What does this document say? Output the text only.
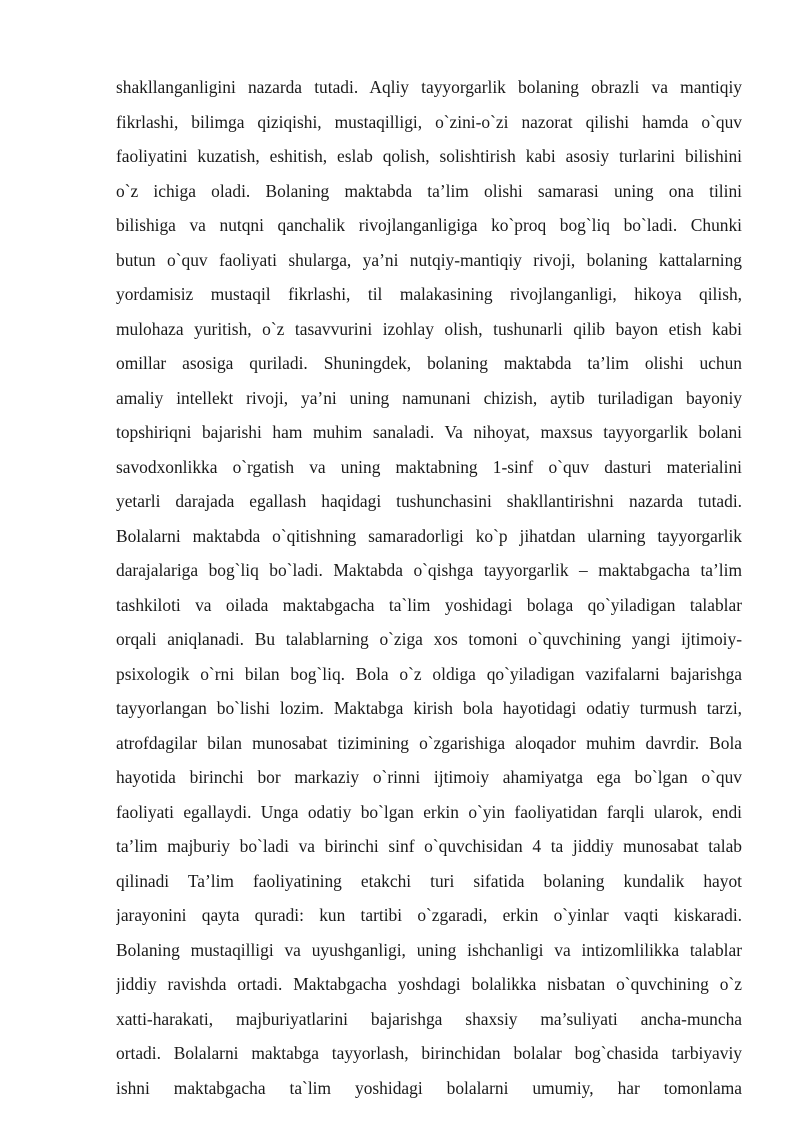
shakllanganligini nazarda tutadi. Aqliy tayyorgarlik bolaning obrazli va mantiqiy
fikrlashi, bilimga qiziqishi, mustaqilligi, o`zini-o`zi nazorat qilishi hamda o`quv
faoliyatini kuzatish, eshitish, eslab qolish, solishtirish kabi asosiy turlarini bilishini
o`z ichiga oladi. Bolaning maktabda ta’lim olishi samarasi uning ona tilini
bilishiga va nutqni qanchalik rivojlanganligiga ko`proq bog`liq bo`ladi. Chunki
butun o`quv faoliyati shularga, ya’ni nutqiy-mantiqiy rivoji, bolaning kattalarning
yordamisiz mustaqil fikrlashi, til malakasining rivojlanganligi, hikoya qilish,
mulohaza yuritish, o`z tasavvurini izohlay olish, tushunarli qilib bayon etish kabi
omillar asosiga quriladi. Shuningdek, bolaning maktabda ta’lim olishi uchun
amaliy intellekt rivoji, ya’ni uning namunani chizish, aytib turiladigan bayoniy
topshiriqni bajarishi ham muhim sanaladi. Va nihoyat, maxsus tayyorgarlik bolani
savodxonlikka o`rgatish va uning maktabning 1-sinf o`quv dasturi materialini
yetarli darajada egallash haqidagi tushunchasini shakllantirishni nazarda tutadi.
Bolalarni maktabda o`qitishning samaradorligi ko`p jihatdan ularning tayyorgarlik
darajalariga bog`liq bo`ladi. Maktabda o`qishga tayyorgarlik – maktabgacha ta’lim
tashkiloti va oilada maktabgacha ta`lim yoshidagi bolaga qo`yiladigan talablar
orqali aniqlanadi. Bu talablarning o`ziga xos tomoni o`quvchining yangi ijtimoiy-
psixologik o`rni bilan bog`liq. Bola o`z oldiga qo`yiladigan vazifalarni bajarishga
tayyorlangan bo`lishi lozim. Maktabga kirish bola hayotidagi odatiy turmush tarzi,
atrofdagilar bilan munosabat tizimining o`zgarishiga aloqador muhim davrdir. Bola
hayotida birinchi bor markaziy o`rinni ijtimoiy ahamiyatga ega bo`lgan o`quv
faoliyati egallaydi. Unga odatiy bo`lgan erkin o`yin faoliyatidan farqli ularok, endi
ta’lim majburiy bo`ladi va birinchi sinf o`quvchisidan 4 ta jiddiy munosabat talab
qilinadi Ta’lim faoliyatining etakchi turi sifatida bolaning kundalik hayot
jarayonini qayta quradi: kun tartibi o`zgaradi, erkin o`yinlar vaqti kiskaradi.
Bolaning mustaqilligi va uyushganligi, uning ishchanligi va intizomlilikka talablar
jiddiy ravishda ortadi. Maktabgacha yoshdagi bolalikka nisbatan o`quvchining o`z
xatti-harakati, majburiyatlarini bajarishga shaxsiy ma’suliyati ancha-muncha
ortadi. Bolalarni maktabga tayyorlash, birinchidan bolalar bog`chasida tarbiyaviy
ishni maktabgacha ta`lim yoshidagi bolalarni umumiy, har tomonlama
